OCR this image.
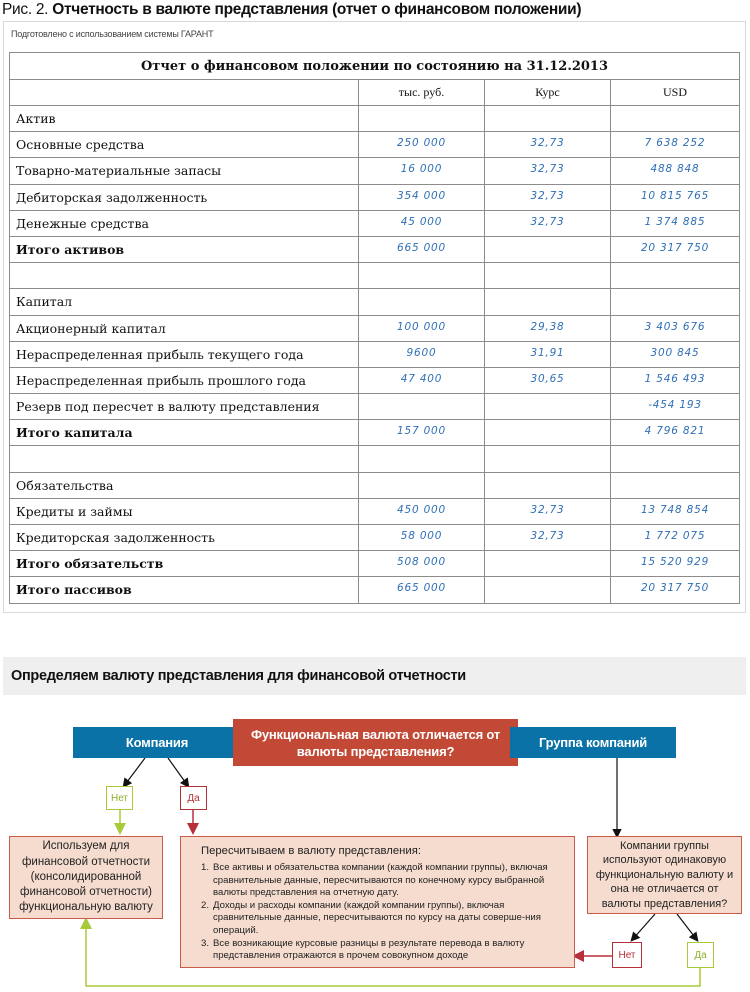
Рис. 2. Отчетность в валюте представления (отчет о финансовом положении)
Подготовлено с использованием системы ГАРАНТ
Отчет о финансовом положении по состоянию на 31.12.2013			
	тыс. руб.	Курс	USD
Актив			
Основные средства	250 000	32,73	7 638 252
Товарно-материальные запасы	16 000	32,73	488 848
Дебиторская задолженность	354 000	32,73	10 815 765
Денежные средства	45 000	32,73	1 374 885
Итого активов	665 000		20 317 750

Капитал			
Акционерный капитал	100 000	29,38	3 403 676
Нераспределенная прибыль текущего года	9600	31,91	300 845
Нераспределенная прибыль прошлого года	47 400	30,65	1 546 493
Резерв под пересчет в валюту представления			-454 193
Итого капитала	157 000		4 796 821

Обязательства			
Кредиты и займы	450 000	32,73	13 748 854
Кредиторская задолженность	58 000	32,73	1 772 075
Итого обязательств	508 000		15 520 929
Итого пассивов	665 000		20 317 750
Определяем валюту представления для финансовой отчетности
Компания
Функциональная валюта отличается от валюты представления?
Группа компаний
Нет	Да
Используем для финансовой отчетности (консолидированной финансовой отчетности) функциональную валюту
Пересчитываем в валюту представления:
1. Все активы и обязательства компании (каждой компании группы), включая сравнительные данные, пересчитываются по конечному курсу выбранной валюты представления на отчетную дату.
2. Доходы и расходы компании (каждой компании группы), включая сравнительные данные, пересчитываются по курсу на даты соверше-ния операций.
3. Все возникающие курсовые разницы в результате перевода в валюту представления отражаются в прочем совокупном доходе
Компании группы используют одинаковую функциональную валюту и она не отличается от валюты представления?
Нет	Да
